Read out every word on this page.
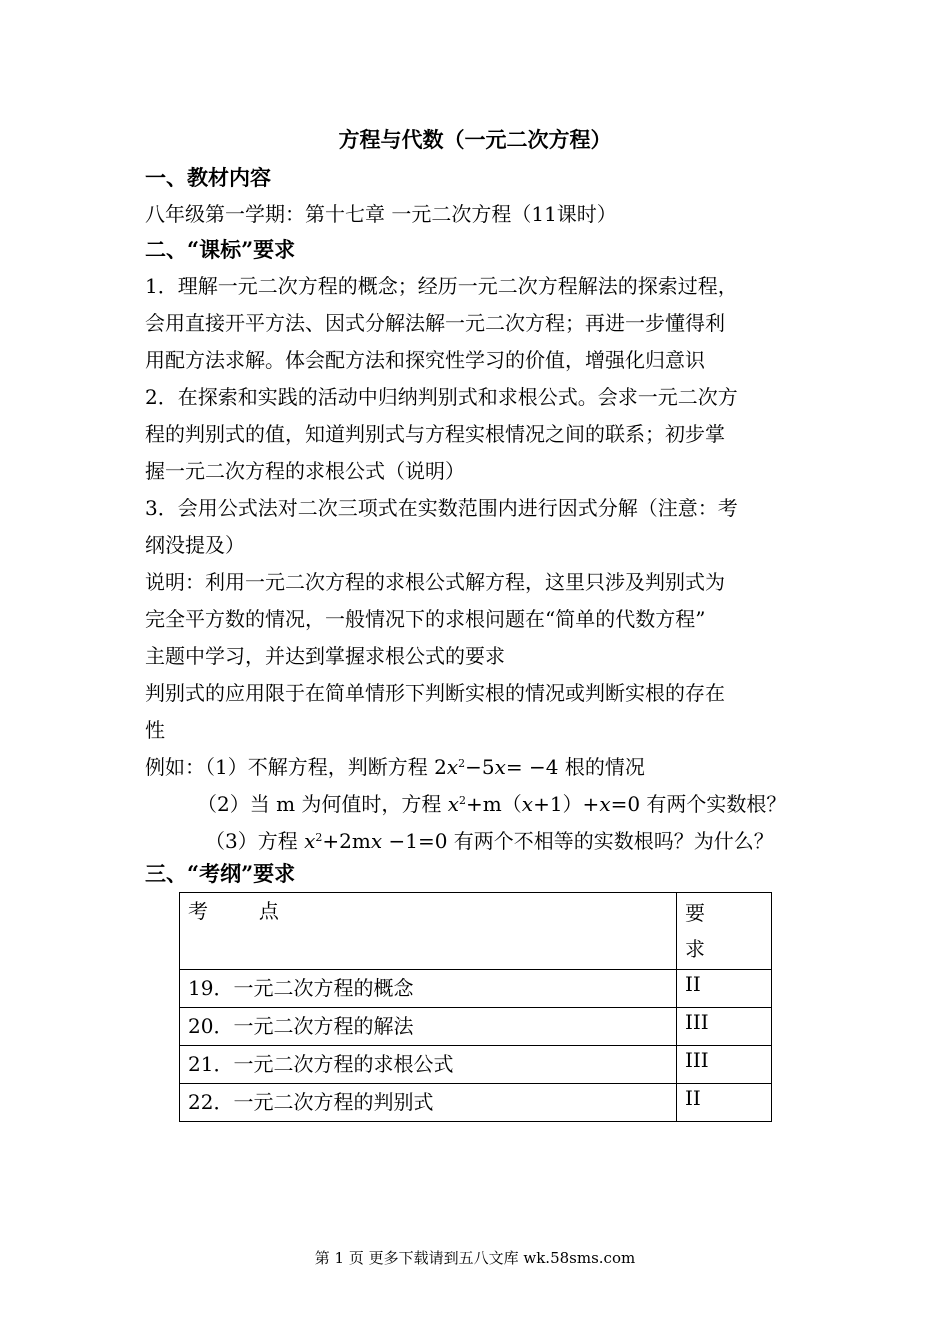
方程与代数（一元二次方程）
一、教材内容
八年级第一学期：第十七章 一元二次方程（11课时）
二、“课标”要求
1．理解一元二次方程的概念；经历一元二次方程解法的探索过程，
会用直接开平方法、因式分解法解一元二次方程；再进一步懂得利
用配方法求解。体会配方法和探究性学习的价值，增强化归意识
2．在探索和实践的活动中归纳判别式和求根公式。会求一元二次方
程的判别式的值，知道判别式与方程实根情况之间的联系；初步掌
握一元二次方程的求根公式（说明）
3．会用公式法对二次三项式在实数范围内进行因式分解（注意：考
纲没提及）
说明：利用一元二次方程的求根公式解方程，这里只涉及判别式为
完全平方数的情况，一般情况下的求根问题在“简单的代数方程”
主题中学习，并达到掌握求根公式的要求
判别式的应用限于在简单情形下判断实根的情况或判断实根的存在
性
例如：（1）不解方程，判断方程 $2x^2-5x= -4$ 根的情况
（2）当 m 为何值时，方程 $x^2+m(x+1)+x=0$ 有两个实数根？
（3）方程 $x^2+2mx -1=0$ 有两个不相等的实数根吗？为什么？
三、“考纲”要求
考        点	要
求

19．一元二次方程的概念	II
20．一元二次方程的解法	III
21．一元二次方程的求根公式	III
22．一元二次方程的判别式	II
第 1 页 更多下载请到五八文库 wk.58sms.com
